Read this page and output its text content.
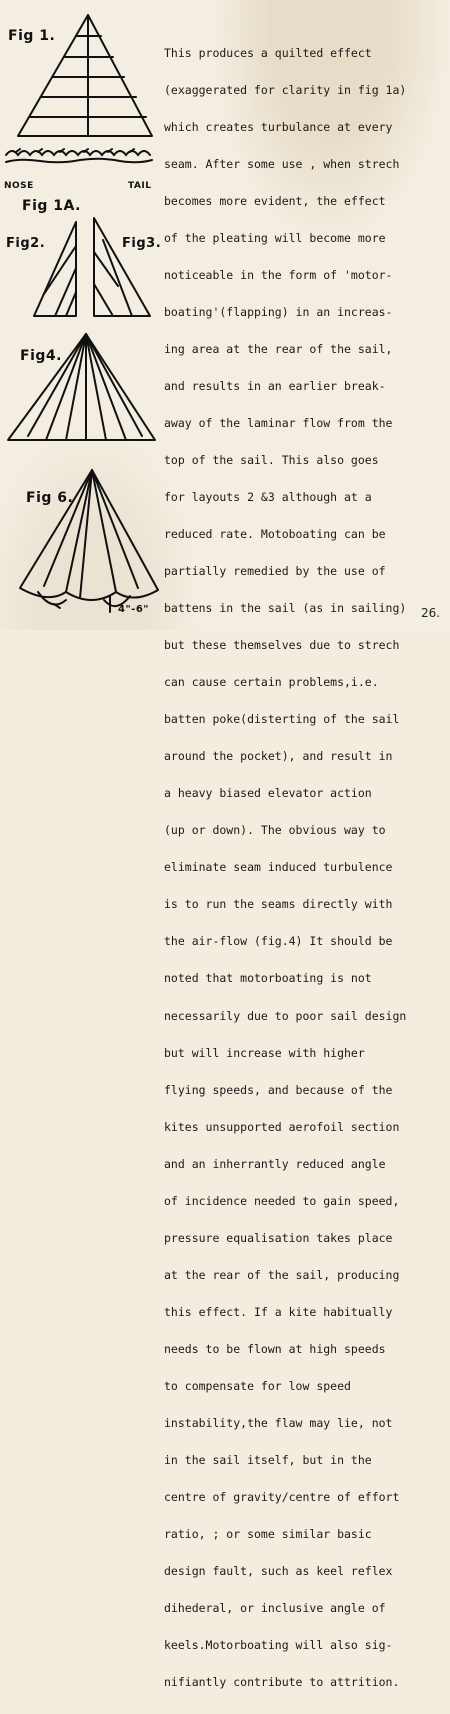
Fig 1.
NOSE	TAIL
Fig 1A.
Fig2.	Fig3.
Fig4.
Fig 6.
4"-6"

This produces a quilted effect

(exaggerated for clarity in fig 1a)

which creates turbulance at every

seam. After some use , when strech

becomes more evident, the effect

of the pleating will become more

noticeable in the form of 'motor-

boating'(flapping) in an increas-

ing area at the rear of the sail,

and results in an earlier break-

away of the laminar flow from the

top of the sail. This also goes

for layouts 2 &3 although at a

reduced rate. Motoboating can be

partially remedied by the use of

battens in the sail (as in sailing)

but these themselves due to strech

can cause certain problems,i.e.

batten poke(disterting of the sail

around the pocket), and result in

a heavy biased elevator action

(up or down). The obvious way to

eliminate seam induced turbulence

is to run the seams directly with

the air-flow (fig.4) It should be

noted that motorboating is not

necessarily due to poor sail design

but will increase with higher

flying speeds, and because of the

kites unsupported aerofoil section

and an inherrantly reduced angle

of incidence needed to gain speed,

pressure equalisation takes place

at the rear of the sail, producing

this effect. If a kite habitually

needs to be flown at high speeds

to compensate for low speed

instability,the flaw may lie, not

in the sail itself, but in the

centre of gravity/centre of effort

ratio, ; or some similar basic

design fault, such as keel reflex

dihederal, or inclusive angle of

keels.Motorboating will also sig-

nifiantly contribute to attrition.

26.
